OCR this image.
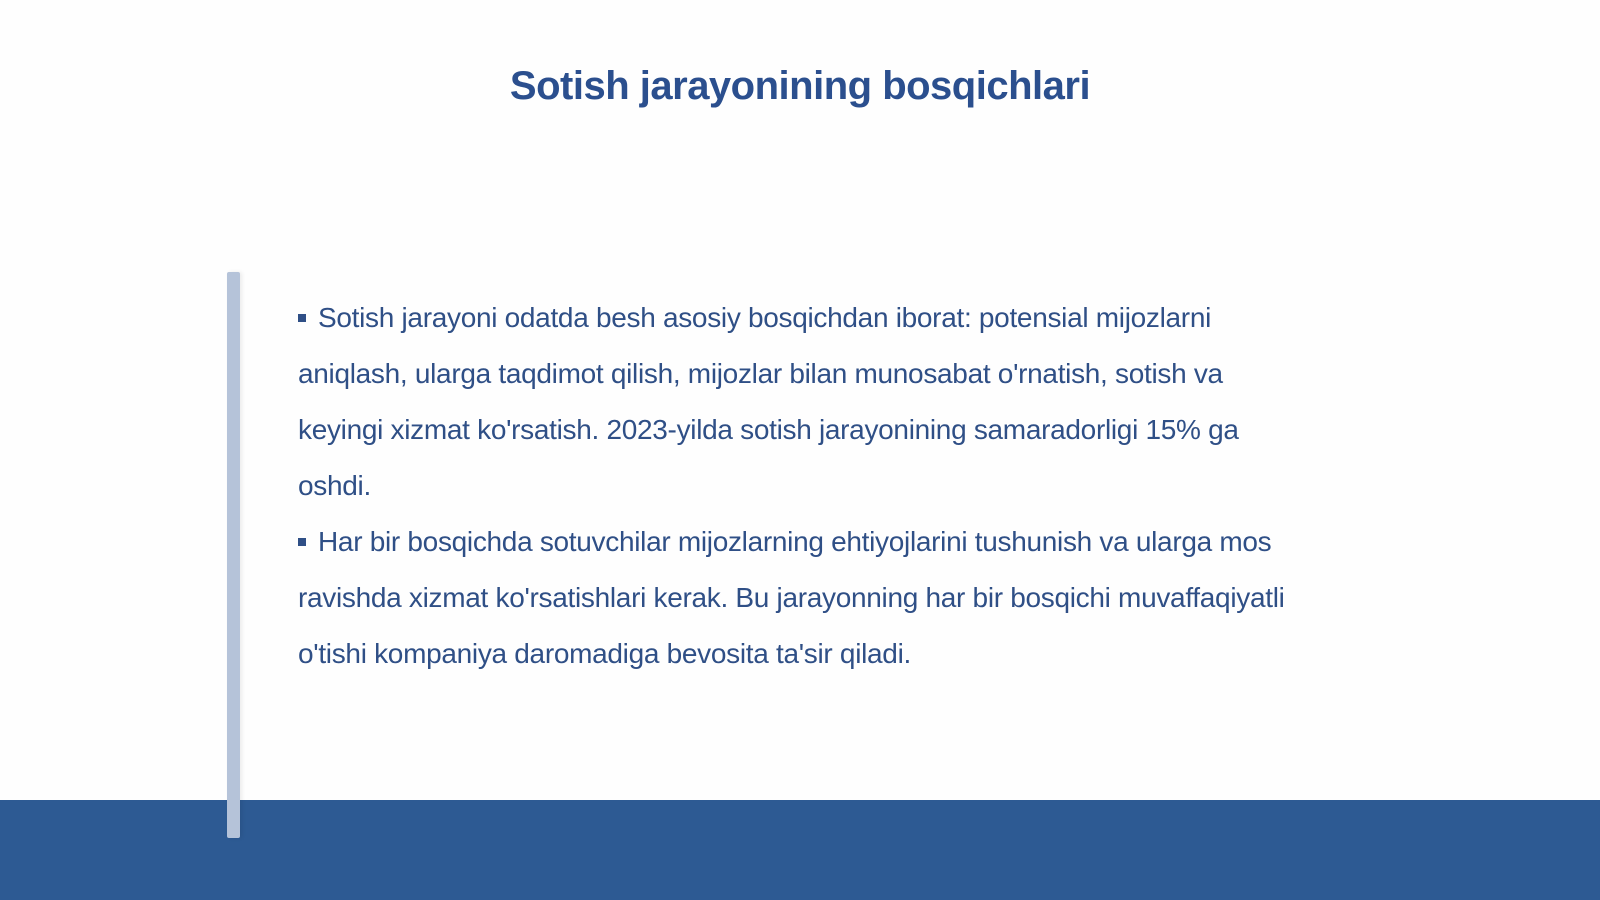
Sotish jarayonining bosqichlari

Sotish jarayoni odatda besh asosiy bosqichdan iborat: potensial mijozlarni aniqlash, ularga taqdimot qilish, mijozlar bilan munosabat o'rnatish, sotish va keyingi xizmat ko'rsatish. 2023-yilda sotish jarayonining samaradorligi 15% ga oshdi.

Har bir bosqichda sotuvchilar mijozlarning ehtiyojlarini tushunish va ularga mos ravishda xizmat ko'rsatishlari kerak. Bu jarayonning har bir bosqichi muvaffaqiyatli o'tishi kompaniya daromadiga bevosita ta'sir qiladi.
